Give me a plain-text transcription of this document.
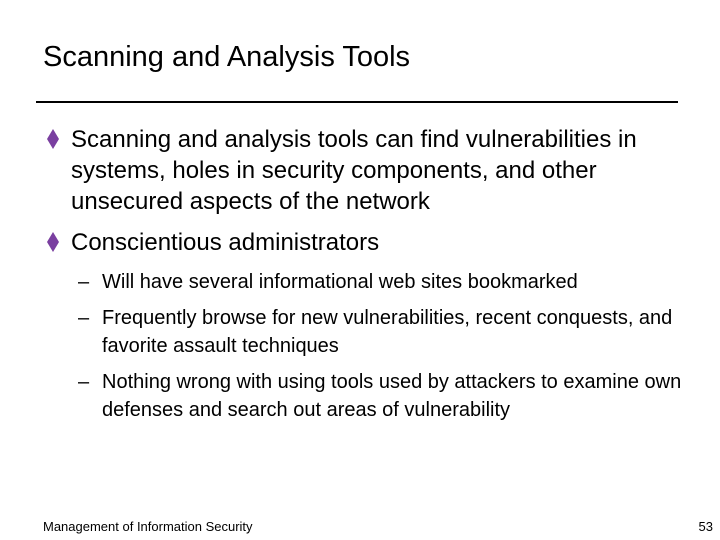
Scanning and Analysis Tools
Scanning and analysis tools can find vulnerabilities in systems, holes in security components, and other unsecured aspects of the network
Conscientious administrators
– Will have several informational web sites bookmarked
– Frequently browse for new vulnerabilities, recent conquests, and favorite assault techniques
– Nothing wrong with using tools used by attackers to examine own defenses and search out areas of vulnerability
Management of Information Security	53
